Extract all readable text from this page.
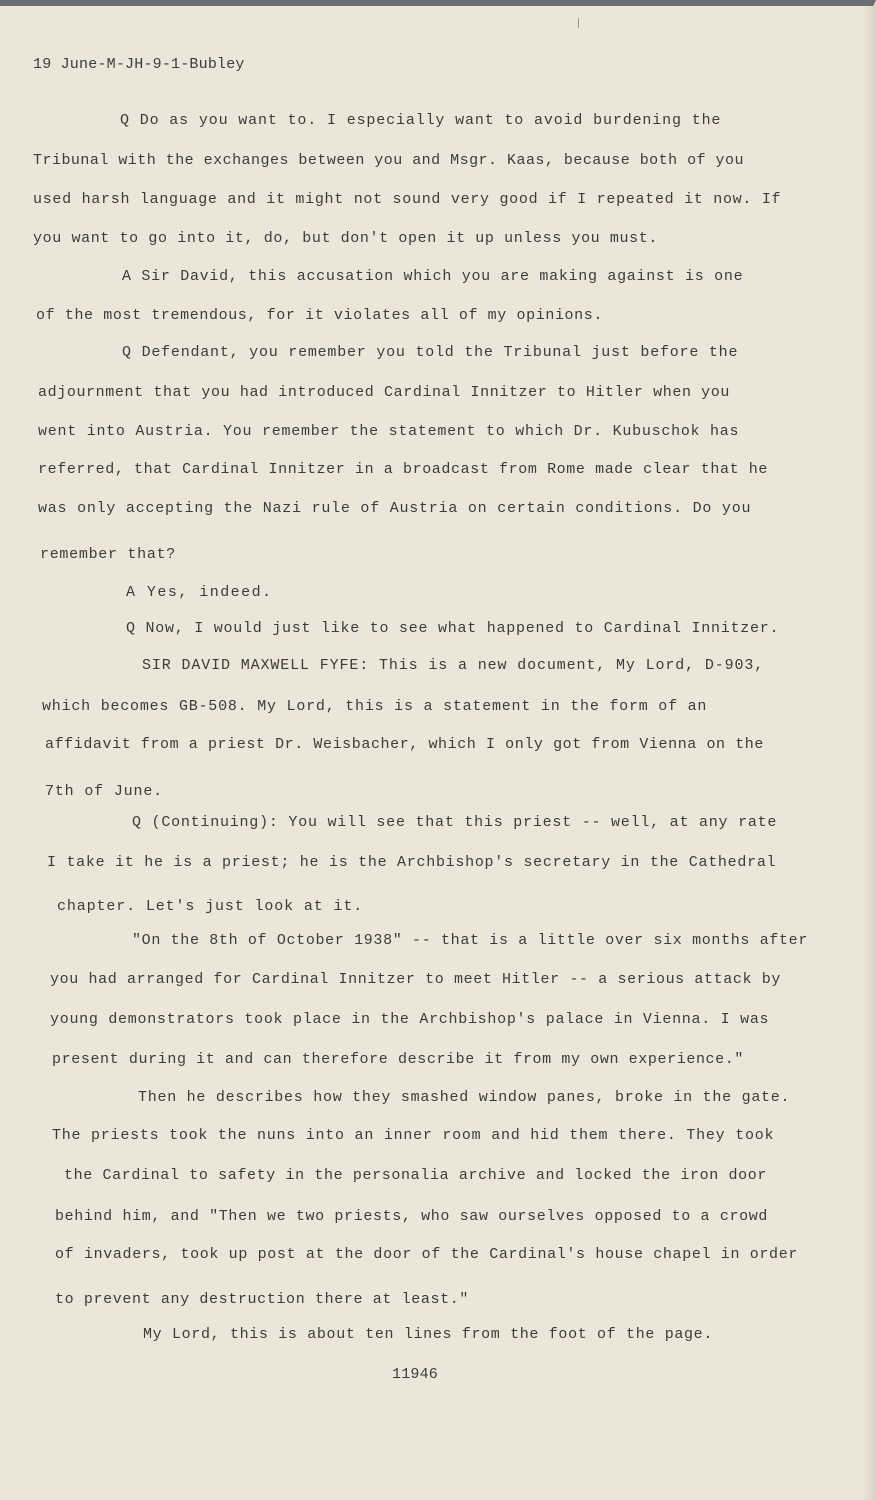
19 June-M-JH-9-1-Bubley

Q Do as you want to. I especially want to avoid burdening the

Tribunal with the exchanges between you and Msgr. Kaas, because both of you

used harsh language and it might not sound very good if I repeated it now. If

you want to go into it, do, but don't open it up unless you must.

A Sir David, this accusation which you are making against is one

of the most tremendous, for it violates all of my opinions.

Q Defendant, you remember you told the Tribunal just before the

adjournment that you had introduced Cardinal Innitzer to Hitler when you

went into Austria. You remember the statement to which Dr. Kubuschok has

referred, that Cardinal Innitzer in a broadcast from Rome made clear that he

was only accepting the Nazi rule of Austria on certain conditions. Do you

remember that?

A Yes, indeed.

Q Now, I would just like to see what happened to Cardinal Innitzer.

SIR DAVID MAXWELL FYFE: This is a new document, My Lord, D-903,

which becomes GB-508. My Lord, this is a statement in the form of an

affidavit from a priest Dr. Weisbacher, which I only got from Vienna on the

7th of June.

Q (Continuing): You will see that this priest -- well, at any rate

I take it he is a priest; he is the Archbishop's secretary in the Cathedral

chapter. Let's just look at it.

"On the 8th of October 1938" -- that is a little over six months after

you had arranged for Cardinal Innitzer to meet Hitler -- a serious attack by

young demonstrators took place in the Archbishop's palace in Vienna. I was

present during it and can therefore describe it from my own experience."

Then he describes how they smashed window panes, broke in the gate.

The priests took the nuns into an inner room and hid them there. They took

the Cardinal to safety in the personalia archive and locked the iron door

behind him, and "Then we two priests, who saw ourselves opposed to a crowd

of invaders, took up post at the door of the Cardinal's house chapel in order

to prevent any destruction there at least."

My Lord, this is about ten lines from the foot of the page.

11946
